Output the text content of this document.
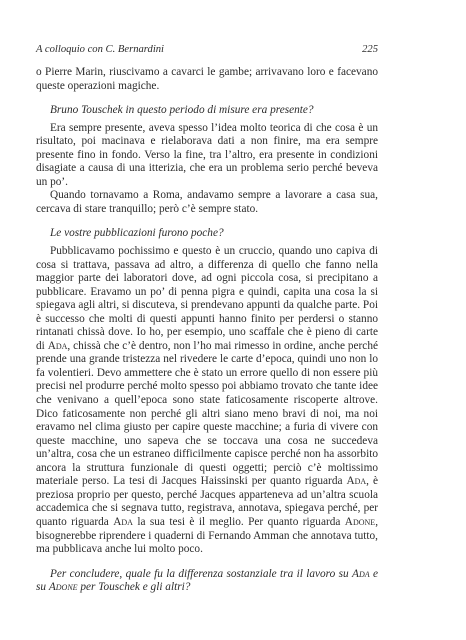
A colloquio con C. Bernardini	225

o Pierre Marin, riuscivamo a cavarci le gambe; arrivavano loro e facevano queste operazioni magiche.

Bruno Touschek in questo periodo di misure era presente?

Era sempre presente, aveva spesso l’idea molto teorica di che cosa è un risultato, poi macinava e rielaborava dati a non finire, ma era sempre presente fino in fondo. Verso la fine, tra l’altro, era presente in condizioni disagiate a causa di una itterizia, che era un problema serio perché beveva un po’.

Quando tornavamo a Roma, andavamo sempre a lavorare a casa sua, cercava di stare tranquillo; però c’è sempre stato.

Le vostre pubblicazioni furono poche?

Pubblicavamo pochissimo e questo è un cruccio, quando uno capiva di cosa si trattava, passava ad altro, a differenza di quello che fanno nella maggior parte dei laboratori dove, ad ogni piccola cosa, si precipitano a pubblicare. Eravamo un po’ di penna pigra e quindi, capita una cosa la si spiegava agli altri, si discuteva, si prendevano appunti da qualche parte. Poi è successo che molti di questi appunti hanno finito per perdersi o stanno rintanati chissà dove. Io ho, per esempio, uno scaffale che è pieno di carte di Ada, chissà che c’è dentro, non l’ho mai rimesso in ordine, anche perché prende una grande tristezza nel rivedere le carte d’epoca, quindi uno non lo fa volentieri. Devo ammettere che è stato un errore quello di non essere più precisi nel produrre perché molto spesso poi abbiamo trovato che tante idee che venivano a quell’epoca sono state faticosamente riscoperte altrove. Dico faticosamente non perché gli altri siano meno bravi di noi, ma noi eravamo nel clima giusto per capire queste macchine; a furia di vivere con queste macchine, uno sapeva che se toccava una cosa ne succedeva un’altra, cosa che un estraneo difficilmente capisce perché non ha assorbito ancora la struttura funzionale di questi oggetti; perciò c’è moltissimo materiale perso. La tesi di Jacques Haissinski per quanto riguarda Ada, è preziosa proprio per questo, perché Jacques apparteneva ad un’altra scuola accademica che si segnava tutto, registrava, annotava, spiegava perché, per quanto riguarda Ada la sua tesi è il meglio. Per quanto riguarda Adone, bisognerebbe riprendere i quaderni di Fernando Amman che annotava tutto, ma pubblicava anche lui molto poco.

Per concludere, quale fu la differenza sostanziale tra il lavoro su Ada e su Adone per Touschek e gli altri?
